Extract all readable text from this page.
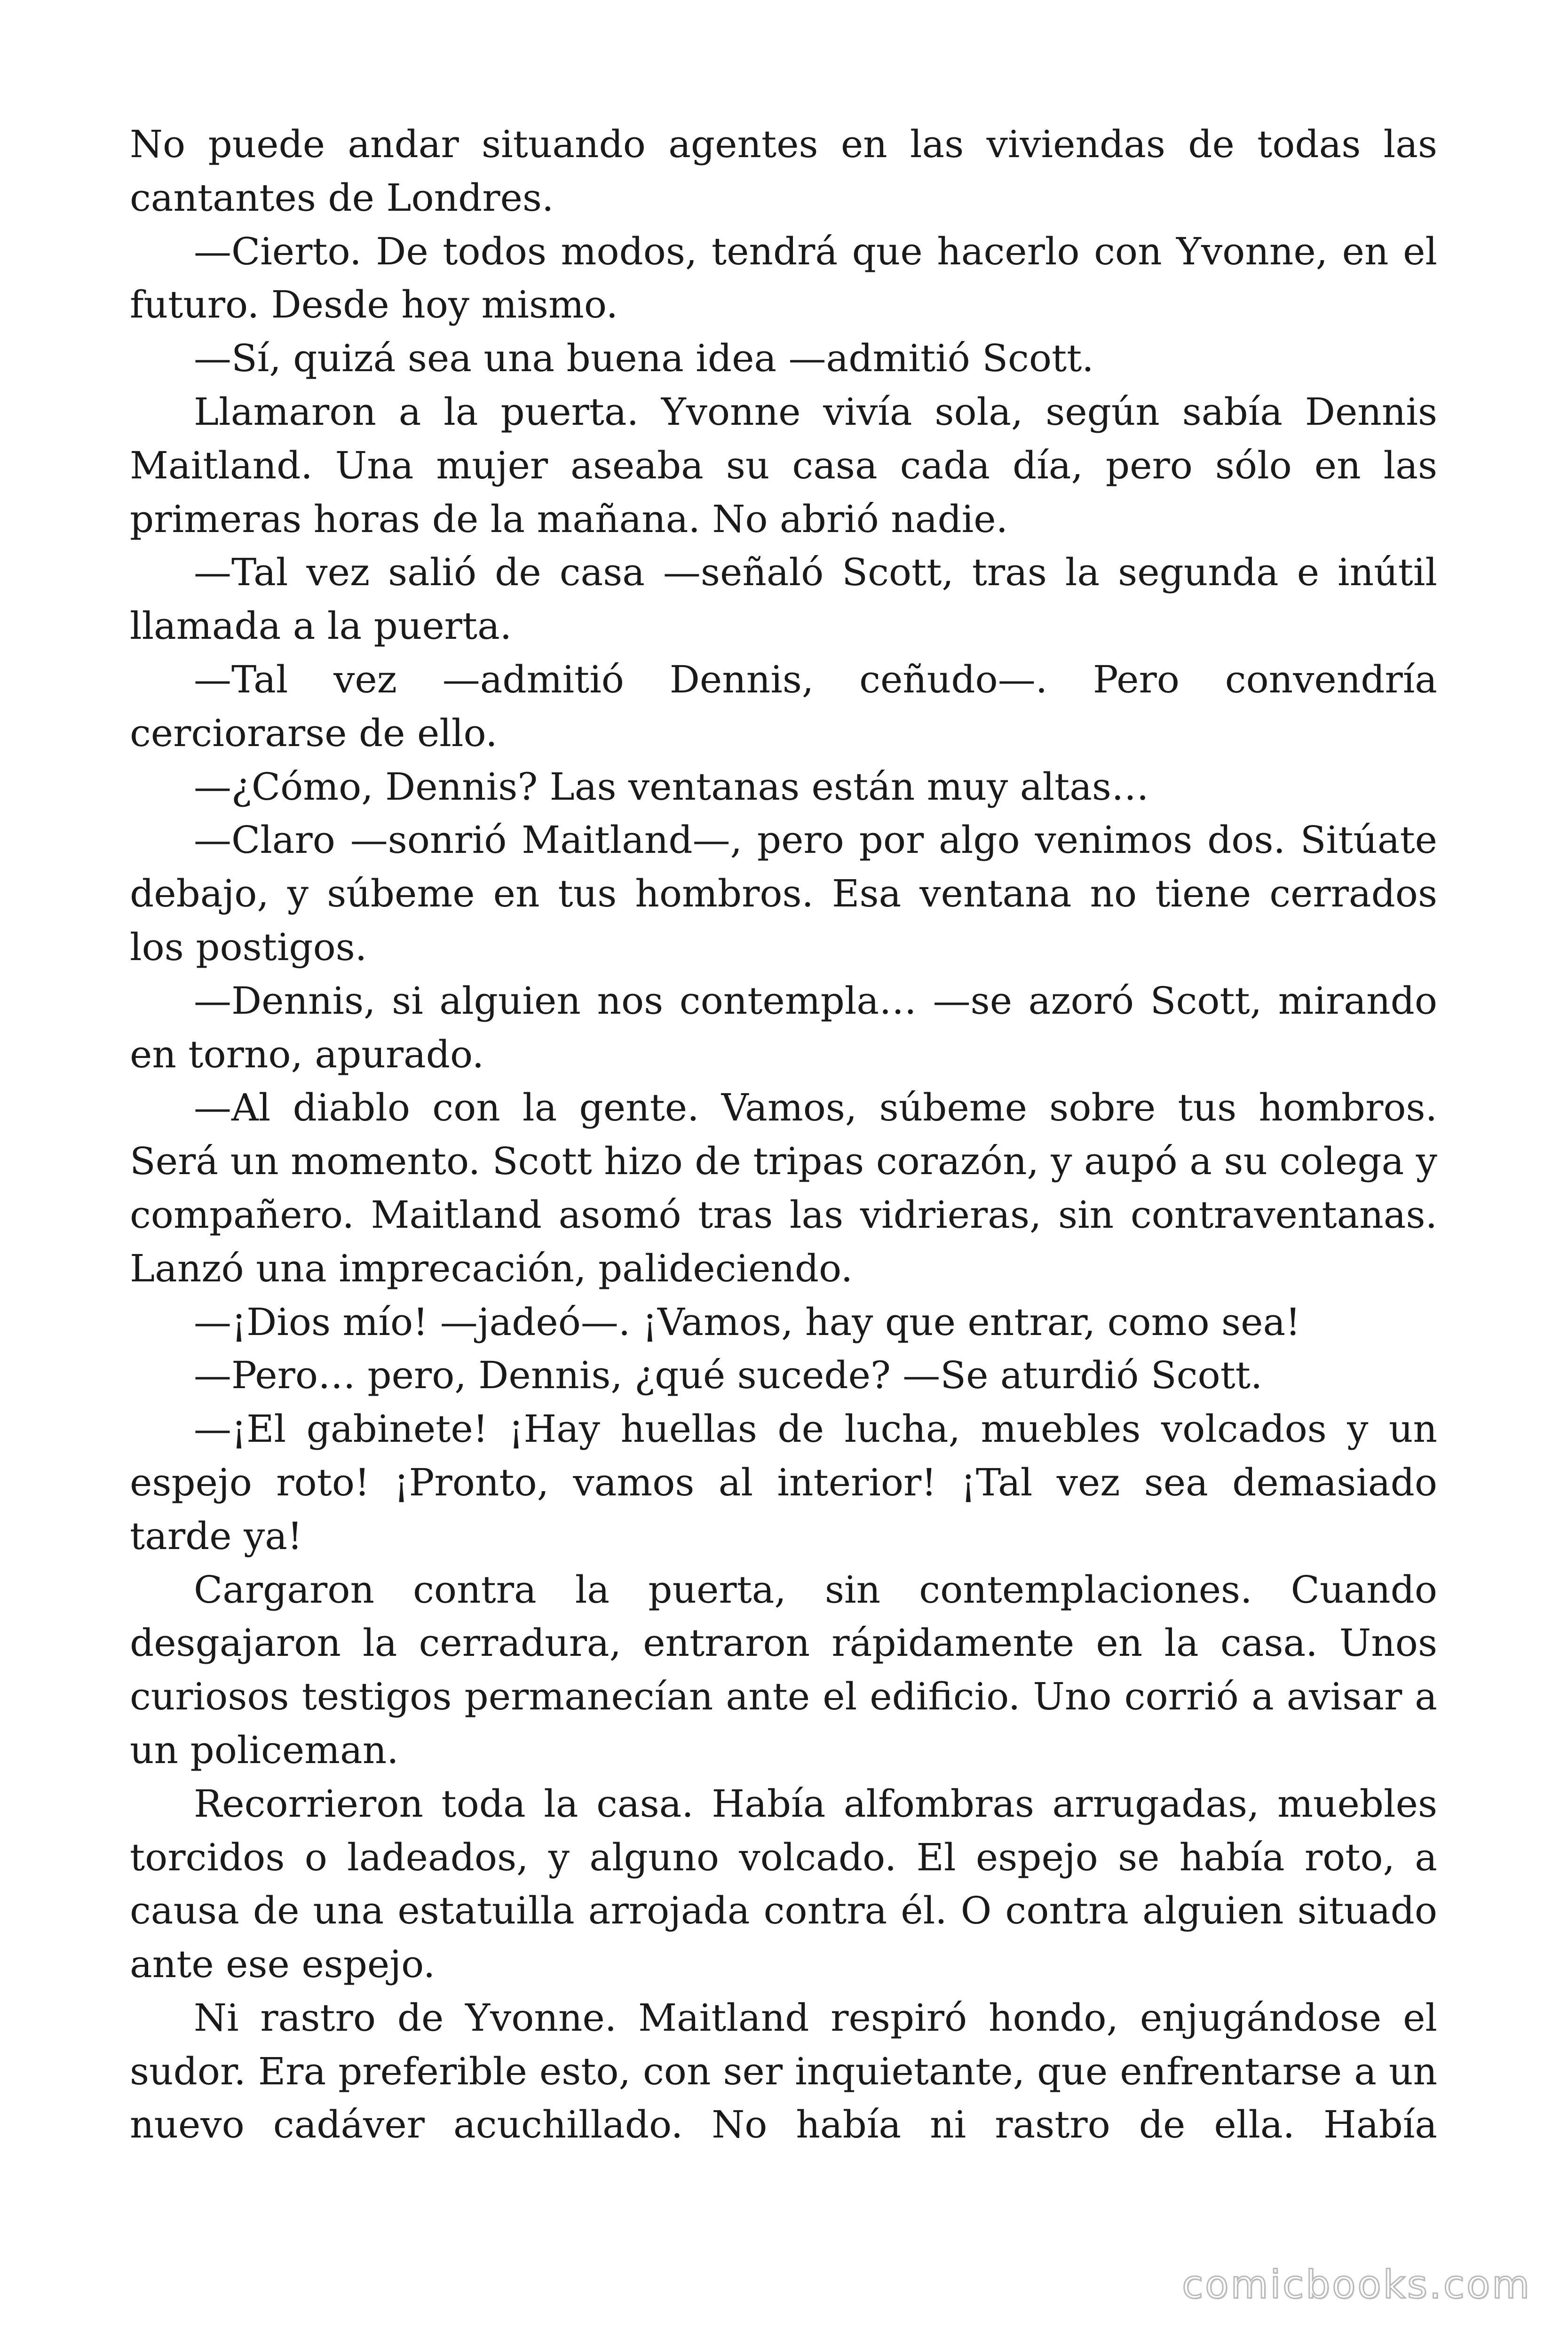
No puede andar situando agentes en las viviendas de todas las cantantes de Londres.

—Cierto. De todos modos, tendrá que hacerlo con Yvonne, en el futuro. Desde hoy mismo.

—Sí, quizá sea una buena idea —admitió Scott.

Llamaron a la puerta. Yvonne vivía sola, según sabía Dennis Maitland. Una mujer aseaba su casa cada día, pero sólo en las primeras horas de la mañana. No abrió nadie.

—Tal vez salió de casa —señaló Scott, tras la segunda e inútil llamada a la puerta.

—Tal vez —admitió Dennis, ceñudo—. Pero convendría cerciorarse de ello.

—¿Cómo, Dennis? Las ventanas están muy altas…

—Claro —sonrió Maitland—, pero por algo venimos dos. Sitúate debajo, y súbeme en tus hombros. Esa ventana no tiene cerrados los postigos.

—Dennis, si alguien nos contempla… —se azoró Scott, mirando en torno, apurado.

—Al diablo con la gente. Vamos, súbeme sobre tus hombros. Será un momento. Scott hizo de tripas corazón, y aupó a su colega y compañero. Maitland asomó tras las vidrieras, sin contraventanas. Lanzó una imprecación, palideciendo.

—¡Dios mío! —jadeó—. ¡Vamos, hay que entrar, como sea!

—Pero… pero, Dennis, ¿qué sucede? —Se aturdió Scott.

—¡El gabinete! ¡Hay huellas de lucha, muebles volcados y un espejo roto! ¡Pronto, vamos al interior! ¡Tal vez sea demasiado tarde ya!

Cargaron contra la puerta, sin contemplaciones. Cuando desgajaron la cerradura, entraron rápidamente en la casa. Unos curiosos testigos permanecían ante el edificio. Uno corrió a avisar a un policeman.

Recorrieron toda la casa. Había alfombras arrugadas, muebles torcidos o ladeados, y alguno volcado. El espejo se había roto, a causa de una estatuilla arrojada contra él. O contra alguien situado ante ese espejo.

Ni rastro de Yvonne. Maitland respiró hondo, enjugándose el sudor. Era preferible esto, con ser inquietante, que enfrentarse a un nuevo cadáver acuchillado. No había ni rastro de ella. Había

comicbooks.com
